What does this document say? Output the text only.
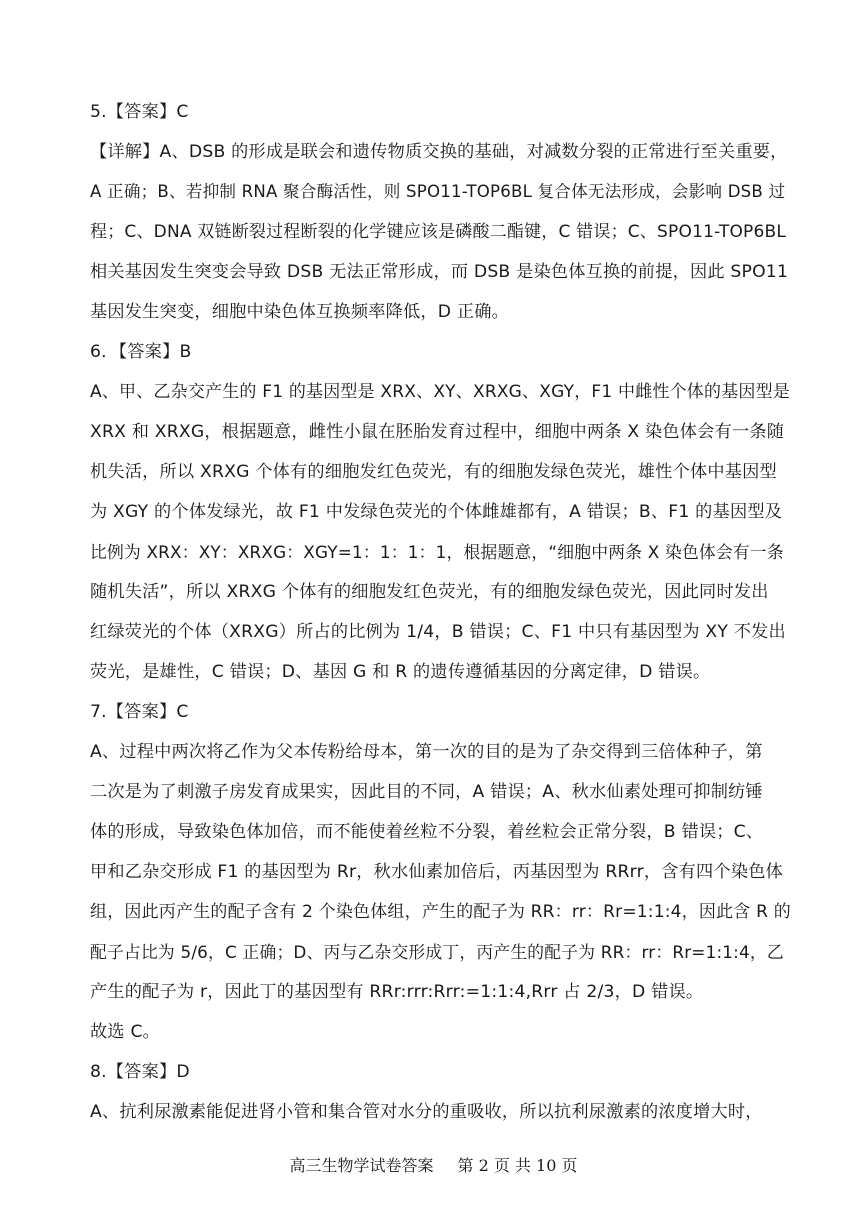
5.【答案】C
【详解】A、DSB 的形成是联会和遗传物质交换的基础，对减数分裂的正常进行至关重要，
A 正确；B、若抑制 RNA 聚合酶活性，则 SPO11-TOP6BL 复合体无法形成，会影响 DSB 过
程；C、DNA 双链断裂过程断裂的化学键应该是磷酸二酯键，C 错误；C、SPO11-TOP6BL
相关基因发生突变会导致 DSB 无法正常形成，而 DSB 是染色体互换的前提，因此 SPO11
基因发生突变，细胞中染色体互换频率降低，D 正确。
6．【答案】B
A、甲、乙杂交产生的 F1 的基因型是 XRX、XY、XRXG、XGY，F1 中雌性个体的基因型是
XRX 和 XRXG，根据题意，雌性小鼠在胚胎发育过程中，细胞中两条 X 染色体会有一条随
机失活，所以 XRXG 个体有的细胞发红色荧光，有的细胞发绿色荧光，雄性个体中基因型
为 XGY 的个体发绿光，故 F1 中发绿色荧光的个体雌雄都有，A 错误；B、F1 的基因型及
比例为 XRX：XY：XRXG：XGY=1：1：1：1，根据题意，“细胞中两条 X 染色体会有一条
随机失活”，所以 XRXG 个体有的细胞发红色荧光，有的细胞发绿色荧光，因此同时发出
红绿荧光的个体（XRXG）所占的比例为 1/4，B 错误；C、F1 中只有基因型为 XY 不发出
荧光，是雄性，C 错误；D、基因 G 和 R 的遗传遵循基因的分离定律，D 错误。
7.【答案】C
A、过程中两次将乙作为父本传粉给母本，第一次的目的是为了杂交得到三倍体种子，第
二次是为了刺激子房发育成果实，因此目的不同，A 错误；A、秋水仙素处理可抑制纺锤
体的形成，导致染色体加倍，而不能使着丝粒不分裂，着丝粒会正常分裂，B 错误；C、
甲和乙杂交形成 F1 的基因型为 Rr，秋水仙素加倍后，丙基因型为 RRrr，含有四个染色体
组，因此丙产生的配子含有 2 个染色体组，产生的配子为 RR：rr：Rr=1:1:4，因此含 R 的
配子占比为 5/6，C 正确；D、丙与乙杂交形成丁，丙产生的配子为 RR：rr：Rr=1:1:4，乙
产生的配子为 r，因此丁的基因型有 RRr:rrr:Rrr:=1:1:4,Rrr 占 2/3，D 错误。
故选 C。
8.【答案】D
A、抗利尿激素能促进肾小管和集合管对水分的重吸收，所以抗利尿激素的浓度增大时，
高三生物学试卷答案 第 2 页 共 10 页
